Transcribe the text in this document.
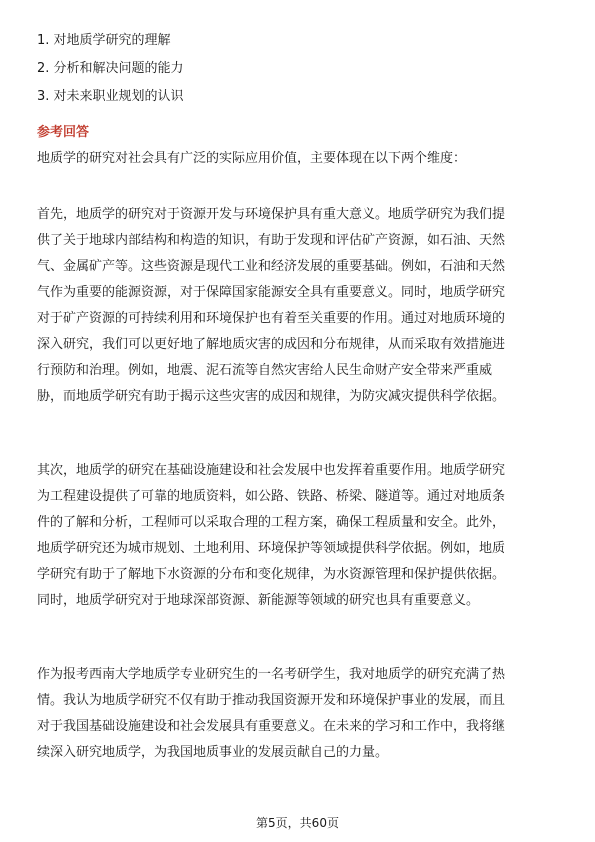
1. 对地质学研究的理解
2. 分析和解决问题的能力
3. 对未来职业规划的认识
参考回答
地质学的研究对社会具有广泛的实际应用价值，主要体现在以下两个维度：
首先，地质学的研究对于资源开发与环境保护具有重大意义。地质学研究为我们提
供了关于地球内部结构和构造的知识，有助于发现和评估矿产资源，如石油、天然
气、金属矿产等。这些资源是现代工业和经济发展的重要基础。例如，石油和天然
气作为重要的能源资源，对于保障国家能源安全具有重要意义。同时，地质学研究
对于矿产资源的可持续利用和环境保护也有着至关重要的作用。通过对地质环境的
深入研究，我们可以更好地了解地质灾害的成因和分布规律，从而采取有效措施进
行预防和治理。例如，地震、泥石流等自然灾害给人民生命财产安全带来严重威
胁，而地质学研究有助于揭示这些灾害的成因和规律，为防灾减灾提供科学依据。
其次，地质学的研究在基础设施建设和社会发展中也发挥着重要作用。地质学研究
为工程建设提供了可靠的地质资料，如公路、铁路、桥梁、隧道等。通过对地质条
件的了解和分析，工程师可以采取合理的工程方案，确保工程质量和安全。此外，
地质学研究还为城市规划、土地利用、环境保护等领域提供科学依据。例如，地质
学研究有助于了解地下水资源的分布和变化规律，为水资源管理和保护提供依据。
同时，地质学研究对于地球深部资源、新能源等领域的研究也具有重要意义。
作为报考西南大学地质学专业研究生的一名考研学生，我对地质学的研究充满了热
情。我认为地质学研究不仅有助于推动我国资源开发和环境保护事业的发展，而且
对于我国基础设施建设和社会发展具有重要意义。在未来的学习和工作中，我将继
续深入研究地质学，为我国地质事业的发展贡献自己的力量。
第5页，共60页
